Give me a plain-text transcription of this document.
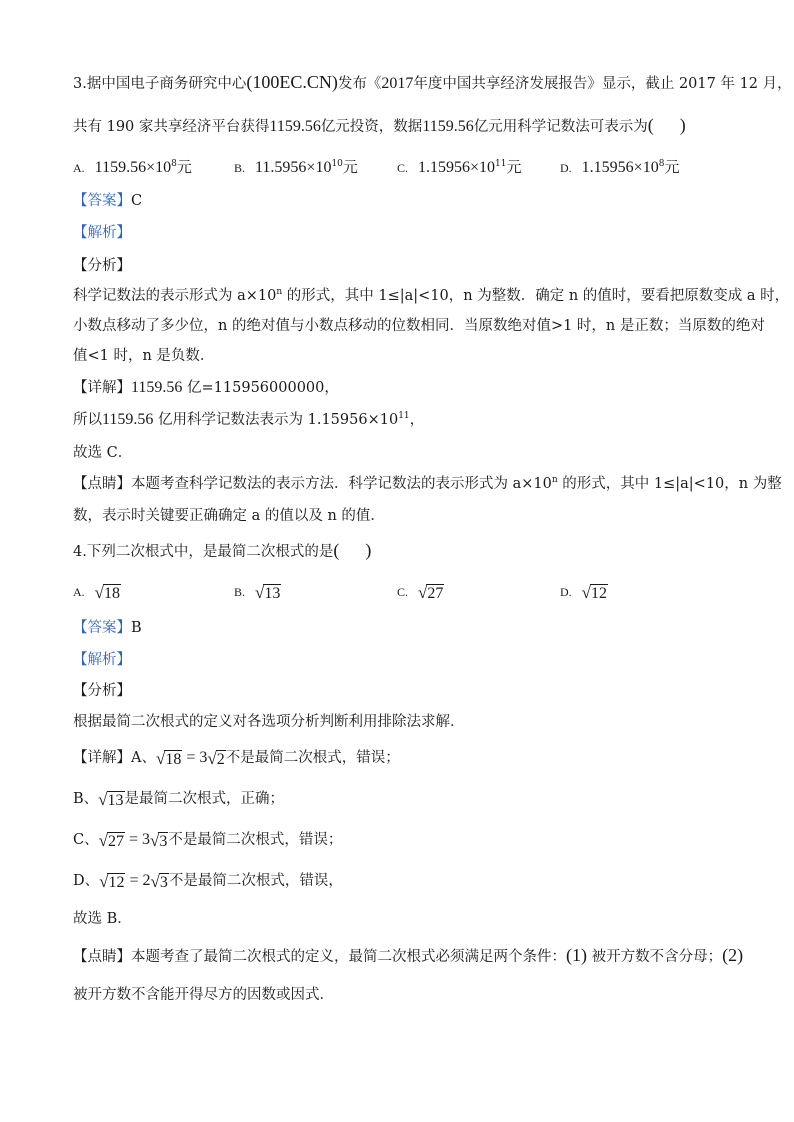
3.据中国电子商务研究中心(100EC.CN)发布《2017年度中国共享经济发展报告》显示，截止 2017 年 12 月，
共有 190 家共享经济平台获得1159.56亿元投资，数据1159.56亿元用科学记数法可表示为( )
A. $1159.56\times 10^8$元	B. $11.5956\times 10^{10}$元	C. $1.15956\times 10^{11}$元	D. $1.15956\times 10^8$元
【答案】C
【解析】
【分析】
科学记数法的表示形式为 $a\times 10^n$ 的形式，其中 1≤|a|<10，n 为整数．确定 n 的值时，要看把原数变成 a 时，
小数点移动了多少位，n 的绝对值与小数点移动的位数相同．当原数绝对值>1 时，n 是正数；当原数的绝对
值<1 时，n 是负数．
【详解】1159.56 亿=115956000000，
所以1159.56 亿用科学记数法表示为 $1.15956\times 10^{11}$，
故选 C．
【点睛】本题考查科学记数法的表示方法．科学记数法的表示形式为 $a\times 10^n$ 的形式，其中 1≤|a|<10，n 为整
数，表示时关键要正确确定 a 的值以及 n 的值．
4.下列二次根式中，是最简二次根式的是( )
A. √ 18	B. √ 13	C. √ 27	D. √ 12
【答案】B
【解析】
【分析】
根据最简二次根式的定义对各选项分析判断利用排除法求解．
【详解】A、 √ 18 = 3 √ 2 不是最简二次根式，错误；
B、 √ 13 是最简二次根式，正确；
C、 √ 27 = 3 √ 3 不是最简二次根式，错误；
D、 √ 12 = 2 √ 3 不是最简二次根式，错误，
故选 B．
【点睛】本题考查了最简二次根式的定义，最简二次根式必须满足两个条件：(1) 被开方数不含分母；(2)
被开方数不含能开得尽方的因数或因式．
